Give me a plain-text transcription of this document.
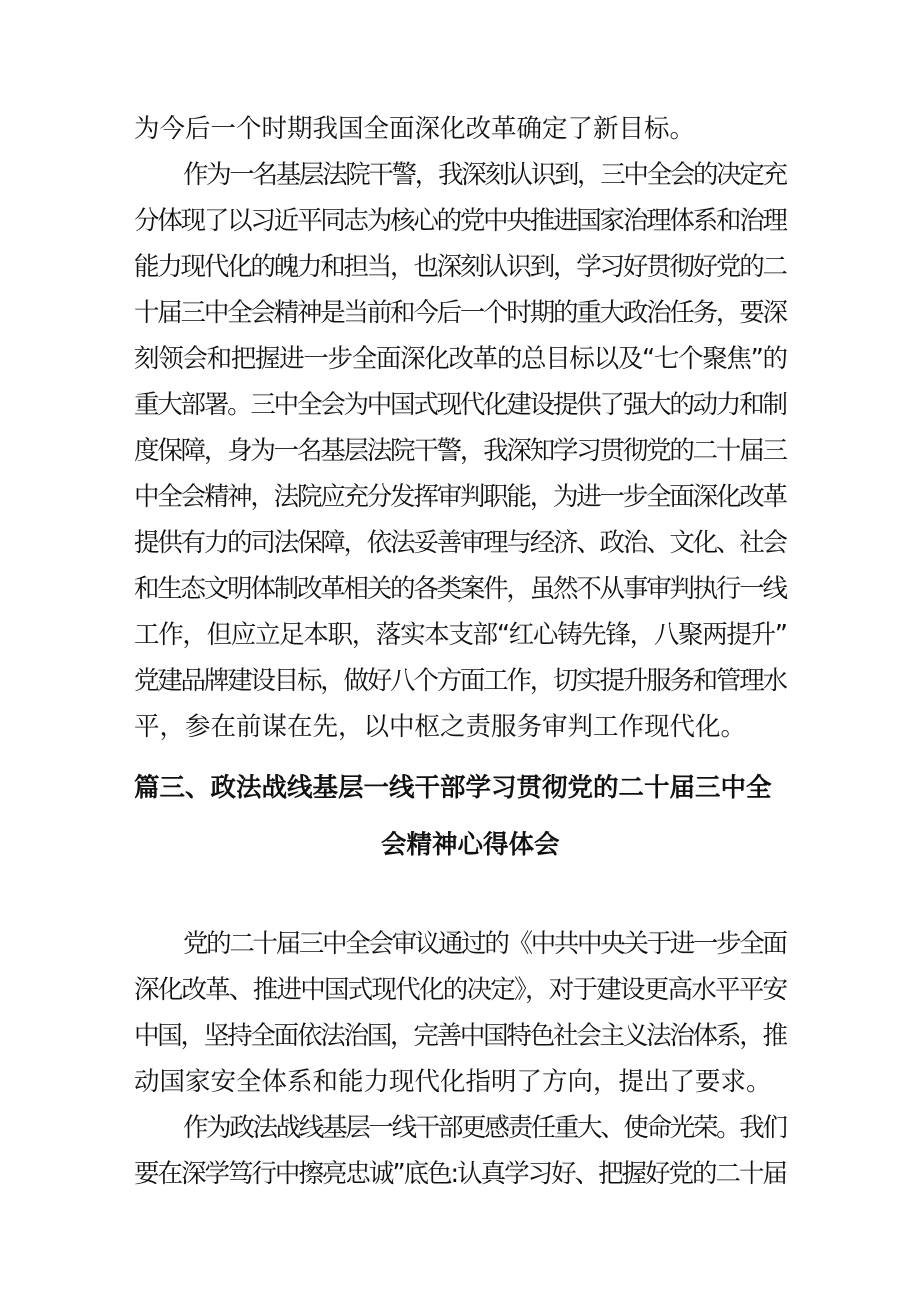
为今后一个时期我国全面深化改革确定了新目标。
作为一名基层法院干警，我深刻认识到，三中全会的决定充
分体现了以习近平同志为核心的党中央推进国家治理体系和治理
能力现代化的魄力和担当，也深刻认识到，学习好贯彻好党的二
十届三中全会精神是当前和今后一个时期的重大政治任务，要深
刻领会和把握进一步全面深化改革的总目标以及“七个聚焦”的
重大部署。三中全会为中国式现代化建设提供了强大的动力和制
度保障，身为一名基层法院干警，我深知学习贯彻党的二十届三
中全会精神，法院应充分发挥审判职能，为进一步全面深化改革
提供有力的司法保障，依法妥善审理与经济、政治、文化、社会
和生态文明体制改革相关的各类案件，虽然不从事审判执行一线
工作，但应立足本职，落实本支部“红心铸先锋，八聚两提升”
党建品牌建设目标，做好八个方面工作，切实提升服务和管理水
平，参在前谋在先，以中枢之责服务审判工作现代化。
篇三、政法战线基层一线干部学习贯彻党的二十届三中全
会精神心得体会
党的二十届三中全会审议通过的《中共中央关于进一步全面
深化改革、推进中国式现代化的决定》，对于建设更高水平平安
中国，坚持全面依法治国，完善中国特色社会主义法治体系，推
动国家安全体系和能力现代化指明了方向，提出了要求。
作为政法战线基层一线干部更感责任重大、使命光荣。我们
要在深学笃行中擦亮忠诚”底色:认真学习好、把握好党的二十届
